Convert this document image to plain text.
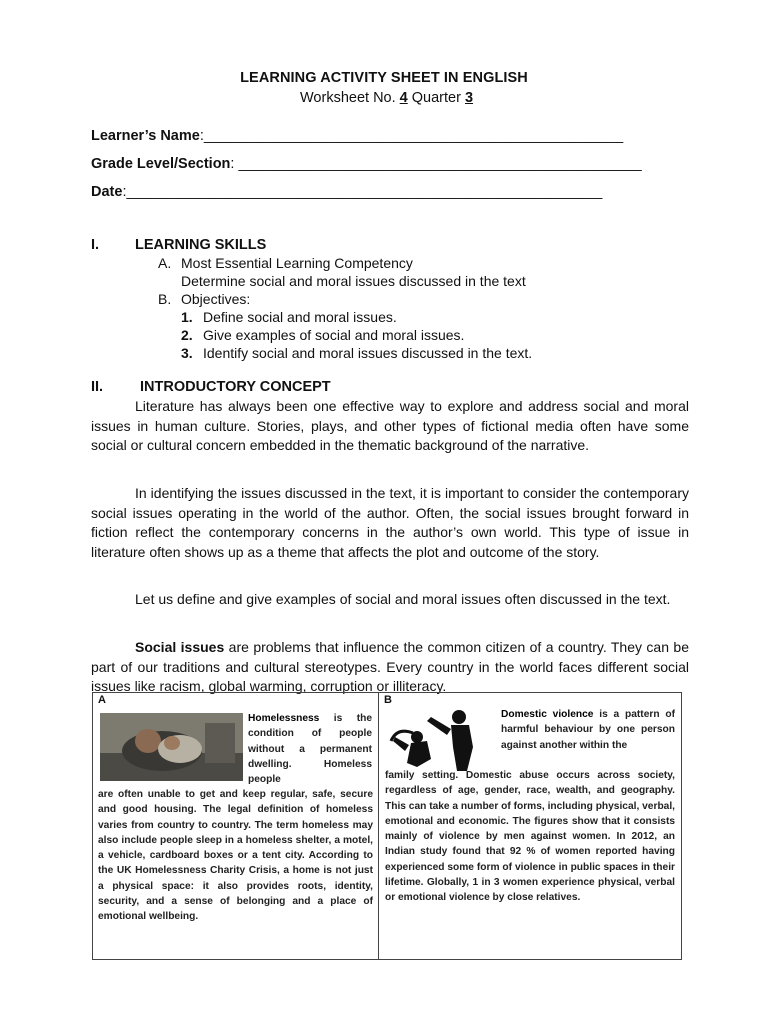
LEARNING ACTIVITY SHEET IN ENGLISH
Worksheet No. 4 Quarter 3
Learner’s Name:____________________________________________________
Grade Level/Section: __________________________________________________
Date:___________________________________________________________
I. LEARNING SKILLS
A. Most Essential Learning Competency
Determine social and moral issues discussed in the text
B. Objectives:
1. Define social and moral issues.
2. Give examples of social and moral issues.
3. Identify social and moral issues discussed in the text.
II.	INTRODUCTORY CONCEPT
Literature has always been one effective way to explore and address social and moral issues in human culture. Stories, plays, and other types of fictional media often have some social or cultural concern embedded in the thematic background of the narrative.
In identifying the issues discussed in the text, it is important to consider the contemporary social issues operating in the world of the author. Often, the social issues brought forward in fiction reflect the contemporary concerns in the author’s own world. This type of issue in literature often shows up as a theme that affects the plot and outcome of the story.
Let us define and give examples of social and moral issues often discussed in the text.
Social issues are problems that influence the common citizen of a country. They can be part of our traditions and cultural stereotypes. Every country in the world faces different social issues like racism, global warming, corruption or illiteracy.
A
Homelessness is the condition of people without a permanent dwelling. Homeless people
are often unable to get and keep regular, safe, secure and good housing. The legal definition of homeless varies from country to country. The term homeless may also include people sleep in a homeless shelter, a motel, a vehicle, cardboard boxes or a tent city. According to the UK Homelessness Charity Crisis, a home is not just a physical space: it also provides roots, identity, security, and a sense of belonging and a place of emotional wellbeing.
B
Domestic violence is a pattern of harmful behaviour by one person against another within the
family setting. Domestic abuse occurs across society, regardless of age, gender, race, wealth, and geography. This can take a number of forms, including physical, verbal, emotional and economic. The figures show that it consists mainly of violence by men against women. In 2012, an Indian study found that 92 % of women reported having experienced some form of violence in public spaces in their lifetime. Globally, 1 in 3 women experience physical, verbal or emotional violence by close relatives.
